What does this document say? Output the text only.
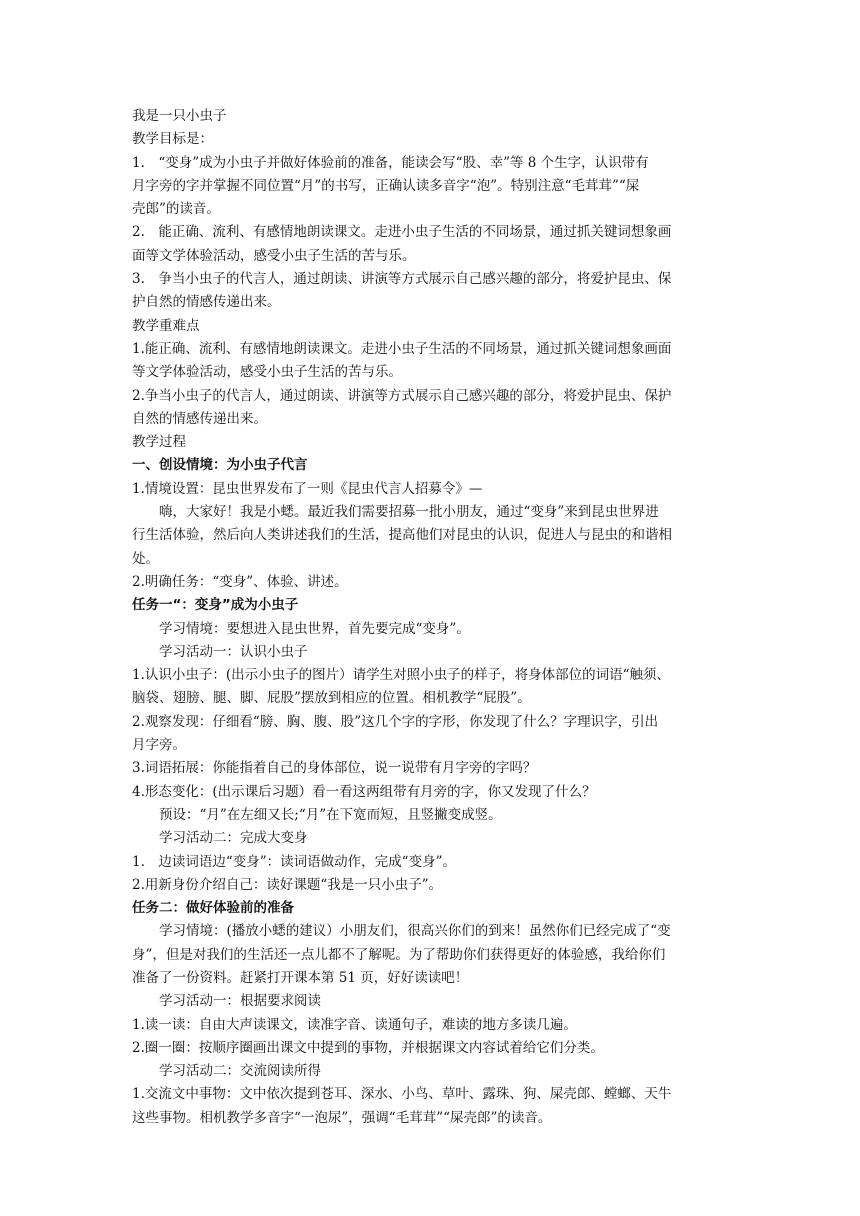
我是一只小虫子
教学目标是：
1.　“变身”成为小虫子并做好体验前的准备，能读会写“股、幸”等 8 个生字，认识带有
月字旁的字并掌握不同位置“月”的书写，正确认读多音字“泡”。特别注意“毛茸茸”“屎
壳郎”的读音。
2.　能正确、流利、有感情地朗读课文。走进小虫子生活的不同场景，通过抓关键词想象画
面等文学体验活动，感受小虫子生活的苦与乐。
3.　争当小虫子的代言人，通过朗读、讲演等方式展示自己感兴趣的部分，将爱护昆虫、保
护自然的情感传递出来。
教学重难点
1.能正确、流利、有感情地朗读课文。走进小虫子生活的不同场景，通过抓关键词想象画面
等文学体验活动，感受小虫子生活的苦与乐。
2.争当小虫子的代言人，通过朗读、讲演等方式展示自己感兴趣的部分，将爱护昆虫、保护
自然的情感传递出来。
教学过程
一、创设情境：为小虫子代言
1.情境设置：昆虫世界发布了一则《昆虫代言人招募令》—
嗨，大家好！我是小蟋。最近我们需要招募一批小朋友，通过“变身”来到昆虫世界进
行生活体验，然后向人类讲述我们的生活，提高他们对昆虫的认识，促进人与昆虫的和谐相
处。
2.明确任务：“变身”、体验、讲述。
任务一“：变身”成为小虫子
学习情境：要想进入昆虫世界，首先要完成“变身”。
学习活动一：认识小虫子
1.认识小虫子：(出示小虫子的图片）请学生对照小虫子的样子，将身体部位的词语“触须、
脑袋、翅膀、腿、脚、屁股”摆放到相应的位置。相机教学“屁股”。
2.观察发现：仔细看“膀、胸、腹、股”这几个字的字形，你发现了什么？字理识字，引出
月字旁。
3.词语拓展：你能指着自己的身体部位，说一说带有月字旁的字吗？
4.形态变化：(出示课后习题）看一看这两组带有月旁的字，你又发现了什么？
预设：“月”在左细又长;“月”在下宽而短，且竖撇变成竖。
学习活动二：完成大变身
1.　边读词语边“变身”：读词语做动作，完成“变身”。
2.用新身份介绍自己：读好课题“我是一只小虫子”。
任务二：做好体验前的准备
学习情境：(播放小蟋的建议）小朋友们，很高兴你们的到来！虽然你们已经完成了“变
身”，但是对我们的生活还一点儿都不了解呢。为了帮助你们获得更好的体验感，我给你们
准备了一份资料。赶紧打开课本第 51 页，好好读读吧！
学习活动一：根据要求阅读
1.读一读：自由大声读课文，读准字音、读通句子，难读的地方多读几遍。
2.圈一圈：按顺序圈画出课文中提到的事物，并根据课文内容试着给它们分类。
学习活动二：交流阅读所得
1.交流文中事物：文中依次提到苍耳、深水、小鸟、草叶、露珠、狗、屎壳郎、螳螂、天牛
这些事物。相机教学多音字“一泡尿”，强调“毛茸茸”“屎壳郎”的读音。
